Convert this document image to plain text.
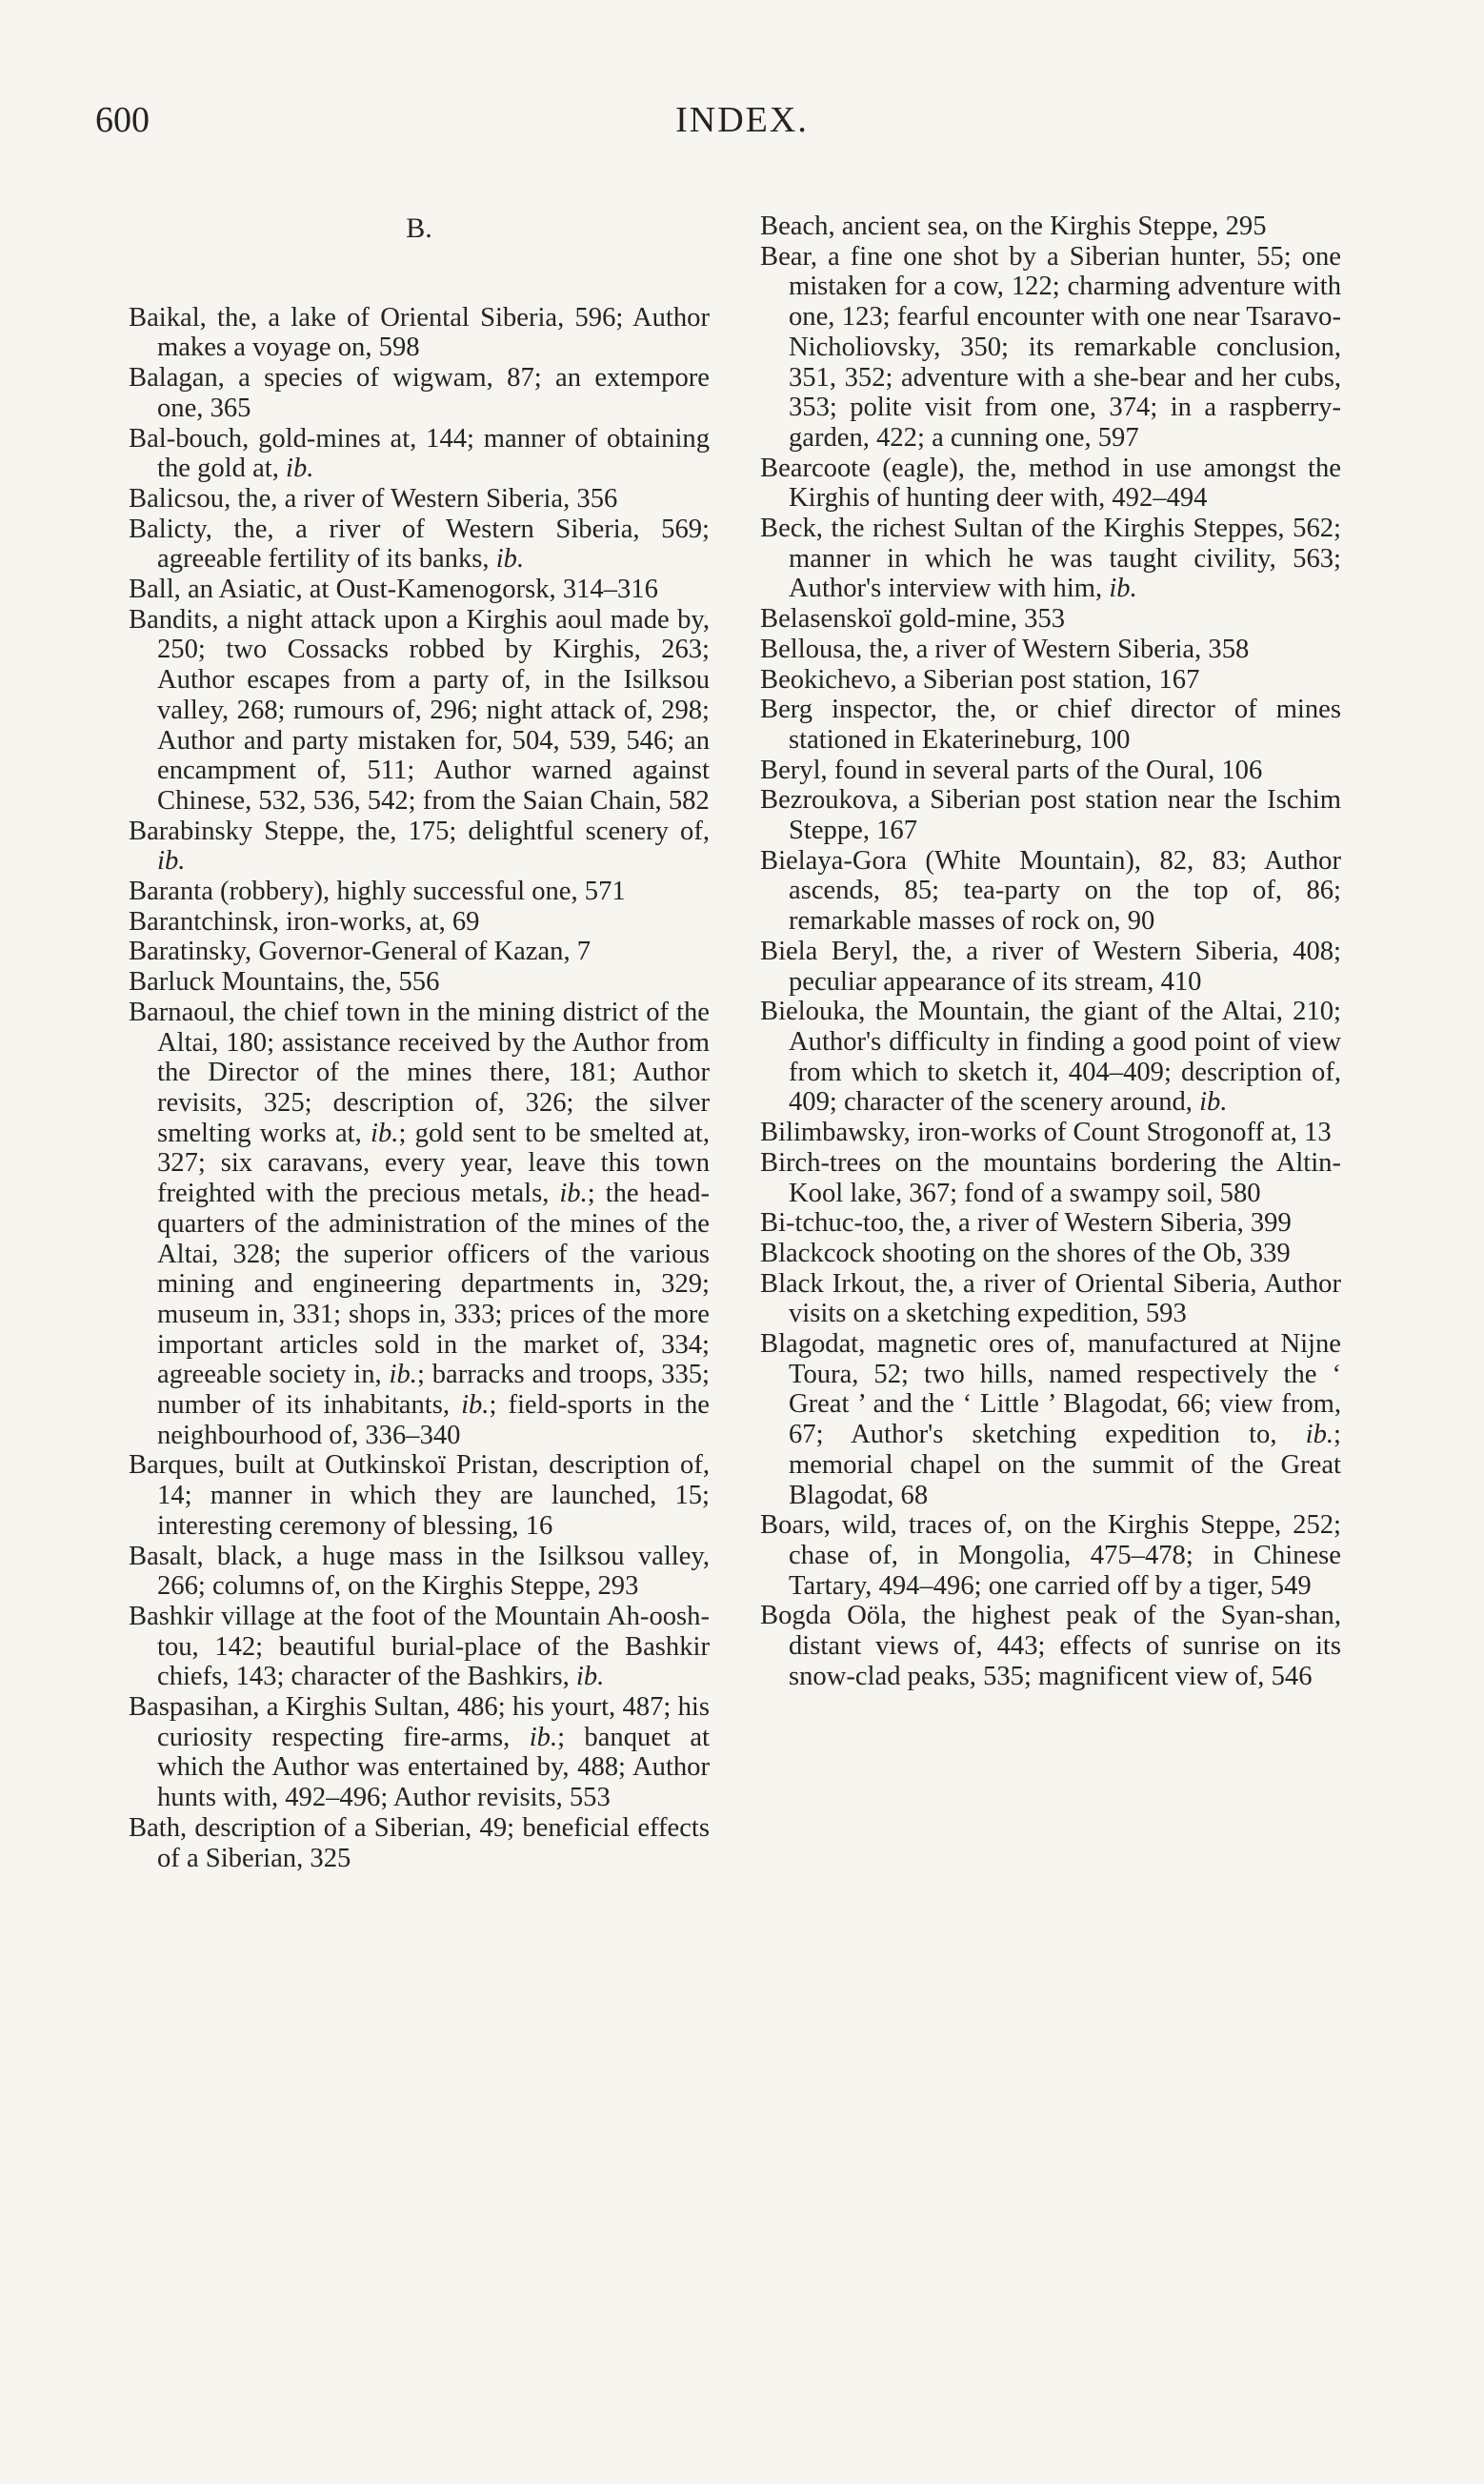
600	INDEX.
B.

Baikal, the, a lake of Oriental Siberia, 596; Author makes a voyage on, 598

Balagan, a species of wigwam, 87; an extempore one, 365

Bal-bouch, gold-mines at, 144; manner of obtaining the gold at, ib.

Balicsou, the, a river of Western Siberia, 356

Balicty, the, a river of Western Siberia, 569; agreeable fertility of its banks, ib.

Ball, an Asiatic, at Oust-Kamenogorsk, 314–316

Bandits, a night attack upon a Kirghis aoul made by, 250; two Cossacks robbed by Kirghis, 263; Author escapes from a party of, in the Isilksou valley, 268; rumours of, 296; night attack of, 298; Author and party mistaken for, 504, 539, 546; an encampment of, 511; Author warned against Chinese, 532, 536, 542; from the Saian Chain, 582

Barabinsky Steppe, the, 175; delightful scenery of, ib.

Baranta (robbery), highly successful one, 571

Barantchinsk, iron-works, at, 69

Baratinsky, Governor-General of Kazan, 7

Barluck Mountains, the, 556

Barnaoul, the chief town in the mining district of the Altai, 180; assistance received by the Author from the Director of the mines there, 181; Author revisits, 325; description of, 326; the silver smelting works at, ib.; gold sent to be smelted at, 327; six caravans, every year, leave this town freighted with the precious metals, ib.; the head-quarters of the administration of the mines of the Altai, 328; the superior officers of the various mining and engineering departments in, 329; museum in, 331; shops in, 333; prices of the more important articles sold in the market of, 334; agreeable society in, ib.; barracks and troops, 335; number of its inhabitants, ib.; field-sports in the neighbourhood of, 336–340

Barques, built at Outkinskoï Pristan, description of, 14; manner in which they are launched, 15; interesting ceremony of blessing, 16

Basalt, black, a huge mass in the Isilksou valley, 266; columns of, on the Kirghis Steppe, 293

Bashkir village at the foot of the Mountain Ah-oosh-tou, 142; beautiful burial-place of the Bashkir chiefs, 143; character of the Bashkirs, ib.

Baspasihan, a Kirghis Sultan, 486; his yourt, 487; his curiosity respecting fire-arms, ib.; banquet at which the Author was entertained by, 488; Author hunts with, 492–496; Author revisits, 553

Bath, description of a Siberian, 49; beneficial effects of a Siberian, 325

Beach, ancient sea, on the Kirghis Steppe, 295

Bear, a fine one shot by a Siberian hunter, 55; one mistaken for a cow, 122; charming adventure with one, 123; fearful encounter with one near Tsaravo-Nicholiovsky, 350; its remarkable conclusion, 351, 352; adventure with a she-bear and her cubs, 353; polite visit from one, 374; in a raspberry-garden, 422; a cunning one, 597

Bearcoote (eagle), the, method in use amongst the Kirghis of hunting deer with, 492–494

Beck, the richest Sultan of the Kirghis Steppes, 562; manner in which he was taught civility, 563; Author's interview with him, ib.

Belasenskoï gold-mine, 353

Bellousa, the, a river of Western Siberia, 358

Beokichevo, a Siberian post station, 167

Berg inspector, the, or chief director of mines stationed in Ekaterineburg, 100

Beryl, found in several parts of the Oural, 106

Bezroukova, a Siberian post station near the Ischim Steppe, 167

Bielaya-Gora (White Mountain), 82, 83; Author ascends, 85; tea-party on the top of, 86; remarkable masses of rock on, 90

Biela Beryl, the, a river of Western Siberia, 408; peculiar appearance of its stream, 410

Bielouka, the Mountain, the giant of the Altai, 210; Author's difficulty in finding a good point of view from which to sketch it, 404–409; description of, 409; character of the scenery around, ib.

Bilimbawsky, iron-works of Count Strogonoff at, 13

Birch-trees on the mountains bordering the Altin-Kool lake, 367; fond of a swampy soil, 580

Bi-tchuc-too, the, a river of Western Siberia, 399

Blackcock shooting on the shores of the Ob, 339

Black Irkout, the, a river of Oriental Siberia, Author visits on a sketching expedition, 593

Blagodat, magnetic ores of, manufactured at Nijne Toura, 52; two hills, named respectively the ‘ Great ’ and the ‘ Little ’ Blagodat, 66; view from, 67; Author's sketching expedition to, ib.; memorial chapel on the summit of the Great Blagodat, 68

Boars, wild, traces of, on the Kirghis Steppe, 252; chase of, in Mongolia, 475–478; in Chinese Tartary, 494–496; one carried off by a tiger, 549

Bogda Oöla, the highest peak of the Syan-shan, distant views of, 443; effects of sunrise on its snow-clad peaks, 535; magnificent view of, 546
